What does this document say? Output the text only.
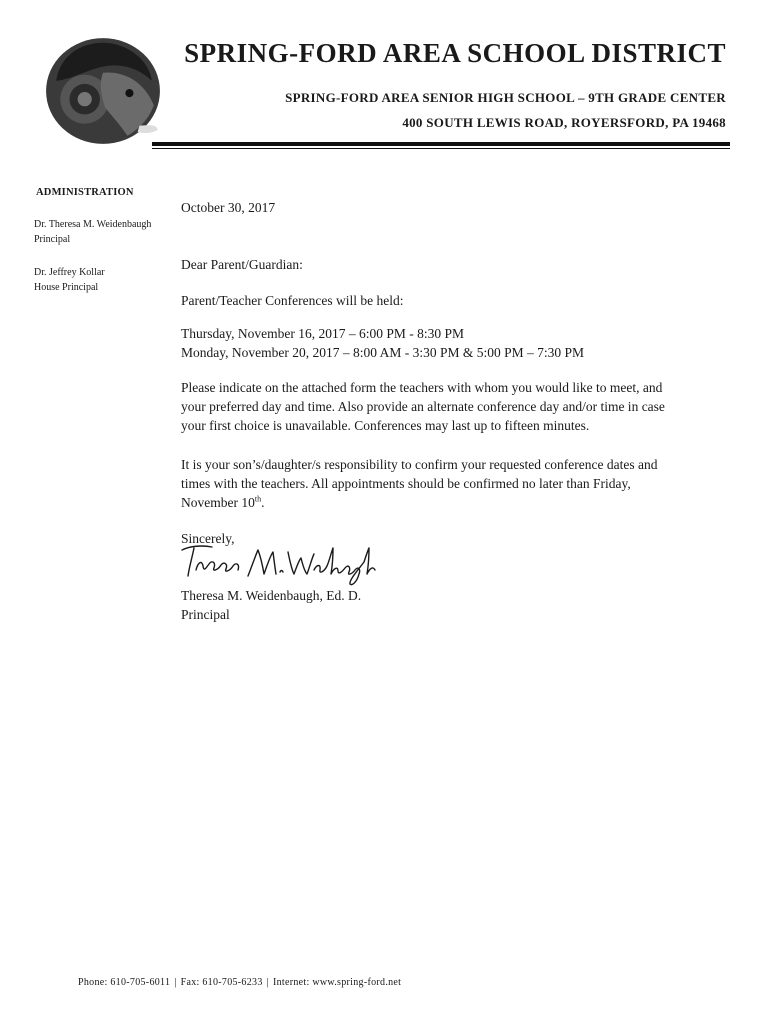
SPRING-FORD AREA SCHOOL DISTRICT
SPRING-FORD AREA SENIOR HIGH SCHOOL – 9TH GRADE CENTER
400 SOUTH LEWIS ROAD, ROYERSFORD, PA 19468
ADMINISTRATION
Dr. Theresa M. Weidenbaugh
Principal
Dr. Jeffrey Kollar
House Principal

October 30, 2017

Dear Parent/Guardian:

Parent/Teacher Conferences will be held:

Thursday, November 16, 2017 – 6:00 PM - 8:30 PM
Monday, November 20, 2017 – 8:00 AM - 3:30 PM & 5:00 PM – 7:30 PM

Please indicate on the attached form the teachers with whom you would like to meet, and your preferred day and time. Also provide an alternate conference day and/or time in case your first choice is unavailable. Conferences may last up to fifteen minutes.

It is your son’s/daughter/s responsibility to confirm your requested conference dates and times with the teachers. All appointments should be confirmed no later than Friday, November 10th.

Sincerely,

Theresa M. Weidenbaugh, Ed. D.
Principal
Phone: 610-705-6011 | Fax: 610-705-6233 | Internet: www.spring-ford.net
